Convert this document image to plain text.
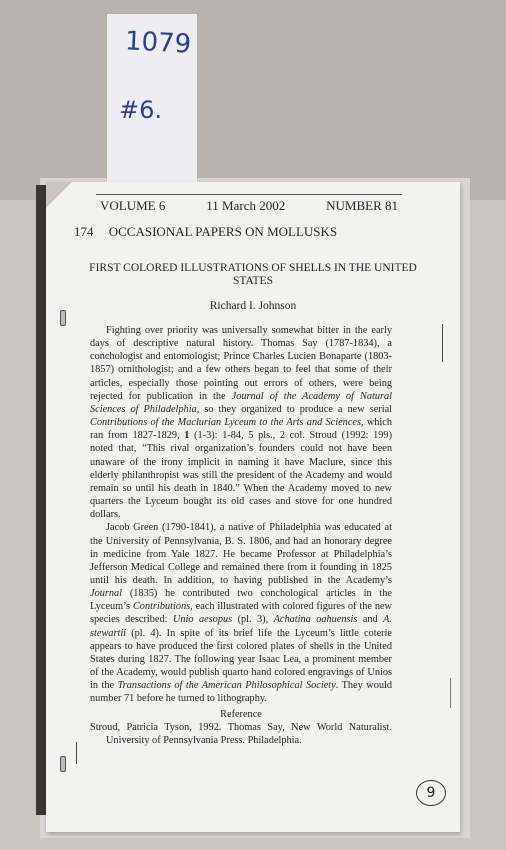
1079
#6.
VOLUME 6	11 March 2002	NUMBER 81
174 OCCASIONAL PAPERS ON MOLLUSKS
FIRST COLORED ILLUSTRATIONS OF SHELLS IN THE UNITED STATES
Richard I. Johnson

Fighting over priority was universally somewhat bitter in the early days of descriptive natural history. Thomas Say (1787-1834), a conchologist and entomologist; Prince Charles Lucien Bonaparte (1803-1857) ornithologist; and a few others began to feel that some of their articles, especially those pointing out errors of others, were being rejected for publication in the Journal of the Academy of Natural Sciences of Philadelphia, so they organized to produce a new serial Contributions of the Maclurian Lyceum to the Arts and Sciences, which ran from 1827-1829, 1 (1-3): 1-84, 5 pls., 2 col. Stroud (1992: 199) noted that, “This rival organization’s founders could not have been unaware of the irony implicit in naming it have Maclure, since this elderly philanthropist was still the president of the Academy and would remain so until his death in 1840.” When the Academy moved to new quarters the Lyceum bought its old cases and stove for one hundred dollars.

Jacob Green (1790-1841), a native of Philadelphia was educated at the University of Pennsylvania, B. S. 1806, and had an honorary degree in medicine from Yale 1827. He became Professor at Philadelphia’s Jefferson Medical College and remained there from it founding in 1825 until his death. In addition, to having published in the Academy’s Journal (1835) he contributed two conchological articles in the Lyceum’s Contributions, each illustrated with colored figures of the new species described: Unio aesopus (pl. 3), Achatina oahuensis and A. stewartii (pl. 4). In spite of its brief life the Lyceum’s little coterie appears to have produced the first colored plates of shells in the United States during 1827. The following year Isaac Lea, a prominent member of the Academy, would publish quarto hand colored engravings of Unios in the Transactions of the American Philosophical Society. They would number 71 before he turned to lithography.

Reference

Stroud, Patricia Tyson, 1992. Thomas Say, New World Naturalist. University of Pennsylvania Press. Philadelphia.

9
